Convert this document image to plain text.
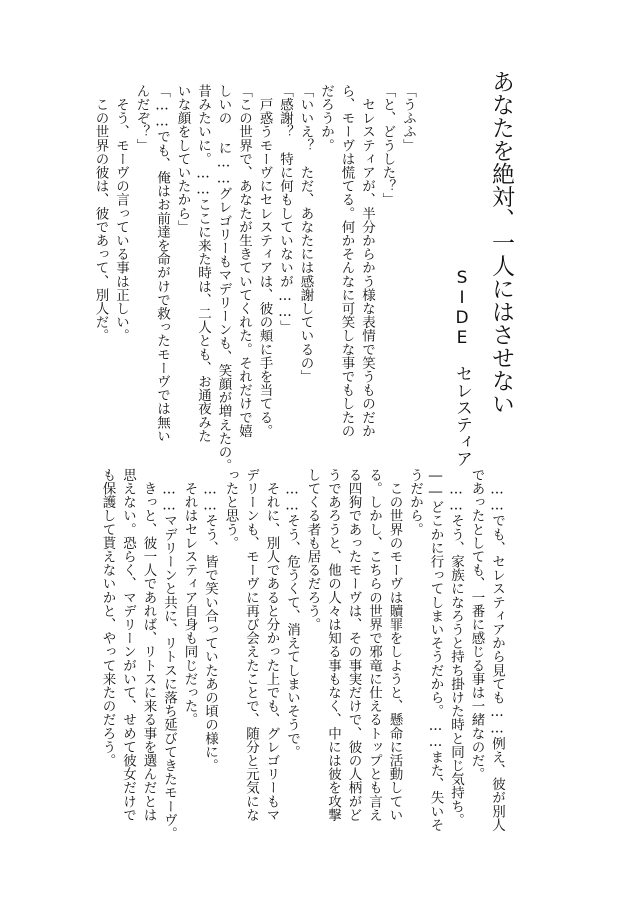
あなたを絶対、一人にはさせない
SIDE　セレスティア
「うふふ」
「と、どうした？」
　セレスティアが、半分からかう様な表情で笑うものだか
ら、モーヴは慌てる。何かそんなに可笑しな事でもしたの
だろうか。
「いいえ？　ただ、あなたには感謝しているの」
「感謝？　特に何もしていないが……」
　戸惑うモーヴにセレスティアは、彼の頬に手を当てる。
「この世界で、あなたが生きていてくれた。それだけで嬉
しいの に……グレゴリーもマデリーンも、笑顔が増えたの。
昔みたいに。……ここに来た時は、二人とも、お通夜みた
いな顔をしていたから」
「……でも、俺はお前達を命がけで救ったモーヴでは無い
んだぞ？」
　そう、モーヴの言っている事は正しい。
　この世界の彼は、彼であって、別人だ。
　……でも、セレスティアから見ても……例え、彼が別人
であったとしても、一番に感じる事は一緒なのだ。
　……そう、家族になろうと持ち掛けた時と同じ気持ち。
――どこかに行ってしまいそうだから。……また、失いそ
うだから。
　この世界のモーヴは贖罪をしようと、懸命に活動してい
る。しかし、こちらの世界で邪竜に仕えるトップとも言え
る四狗であったモーヴは、その事実だけで、彼の人柄がど
うであろうと、他の人々は知る事もなく、中には彼を攻撃
してくる者も居るだろう。
　……そう、危うくて、消えてしまいそうで。
　それに、別人であると分かった上でも、グレゴリーもマ
デリーンも、モーヴに再び会えたことで、随分と元気にな
ったと思う。
　……そう、皆で笑い合っていたあの頃の様に。
　それはセレスティア自身も同じだった。
　……マデリーンと共に、リトスに落ち延びてきたモーヴ。
　きっと、彼一人であれば、リトスに来る事を選んだとは
思えない。恐らく、マデリーンがいて、せめて彼女だけで
も保護して貰えないかと、やって来たのだろう。
